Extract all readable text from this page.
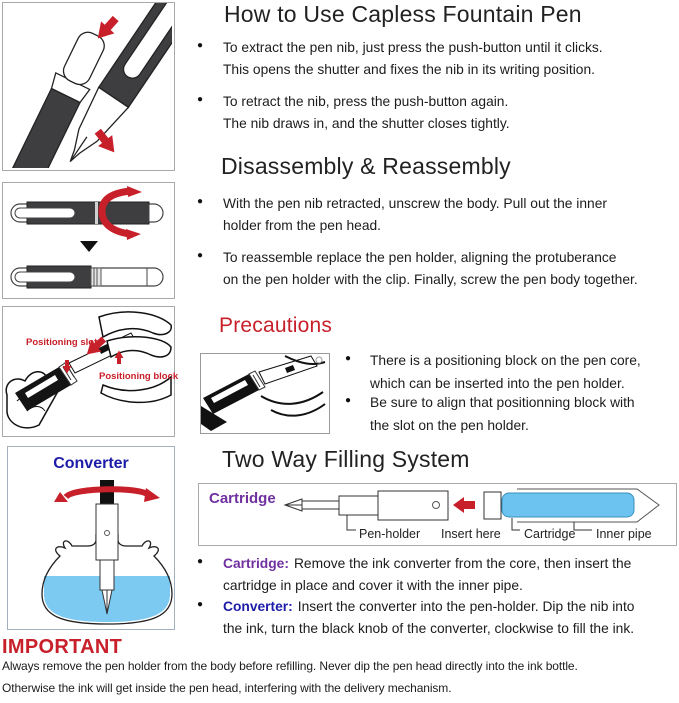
Positioning slot
Positioning block
Converter
How to Use Capless Fountain Pen
● To extract the pen nib, just press the push-button until it clicks.
This opens the shutter and fixes the nib in its writing position.
● To retract the nib, press the push-button again.
The nib draws in, and the shutter closes tightly.
Disassembly & Reassembly
● With the pen nib retracted, unscrew the body. Pull out the inner
holder from the pen head.
● To reassemble replace the pen holder, aligning the protuberance
on the pen holder with the clip. Finally, screw the pen body together.
Precautions
● There is a positioning block on the pen core,
which can be inserted into the pen holder.
● Be sure to align that positionning block with
the slot on the pen holder.
Two Way Filling System
Cartridge
Pen-holder Insert here Cartridge Inner pipe
● Cartridge: Remove the ink converter from the core, then insert the
cartridge in place and cover it with the inner pipe.
● Converter: Insert the converter into the pen-holder. Dip the nib into
the ink, turn the black knob of the converter, clockwise to fill the ink.
IMPORTANT
Always remove the pen holder from the body before refilling. Never dip the pen head directly into the ink bottle.
Otherwise the ink will get inside the pen head, interfering with the delivery mechanism.
